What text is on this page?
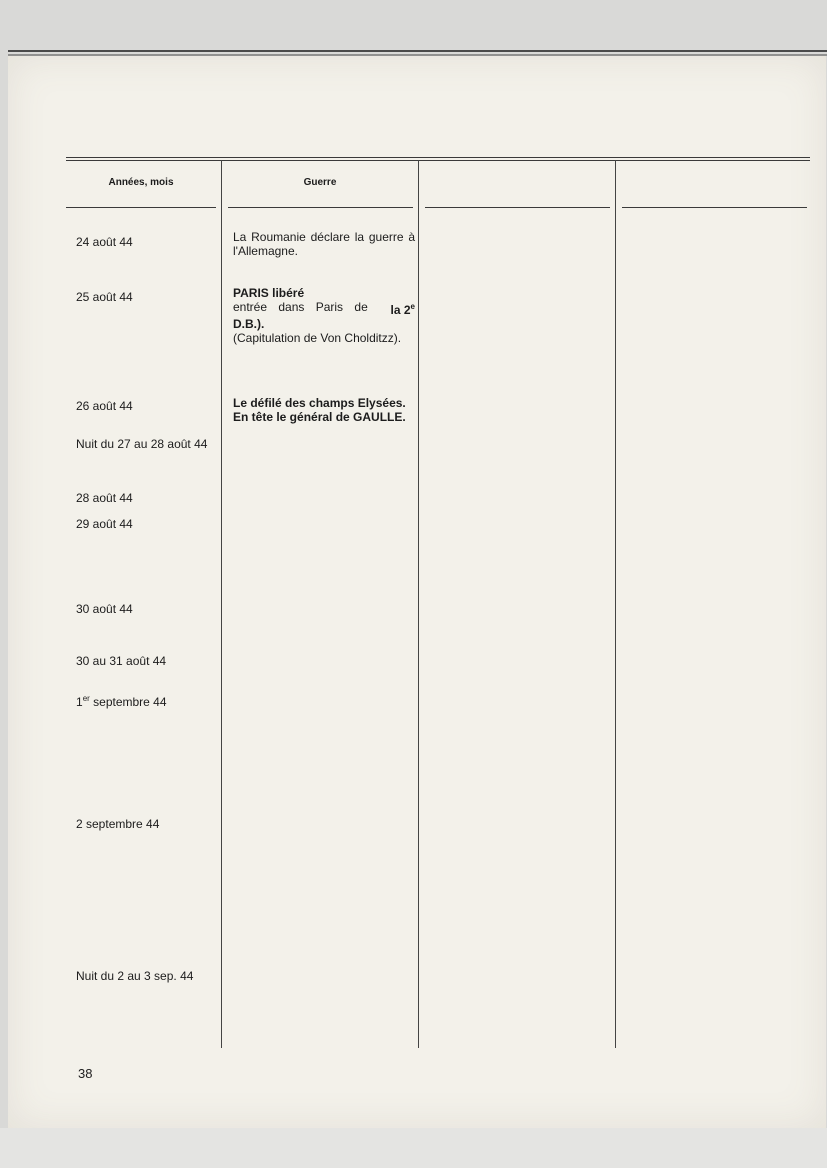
Années, mois	Guerre
24 août 44
25 août 44
26 août 44
Nuit du 27 au 28 août 44
28 août 44
29 août 44
30 août 44
30 au 31 août 44
1er septembre 44
2 septembre 44
Nuit du 2 au 3 sep. 44
La Roumanie déclare la guerre à l'Allemagne.
PARIS libéré
entrée dans Paris de la 2e
D.B.).
(Capitulation de Von Cholditzz).
Le défilé des champs Elysées.
En tête le général de GAULLE.
38
